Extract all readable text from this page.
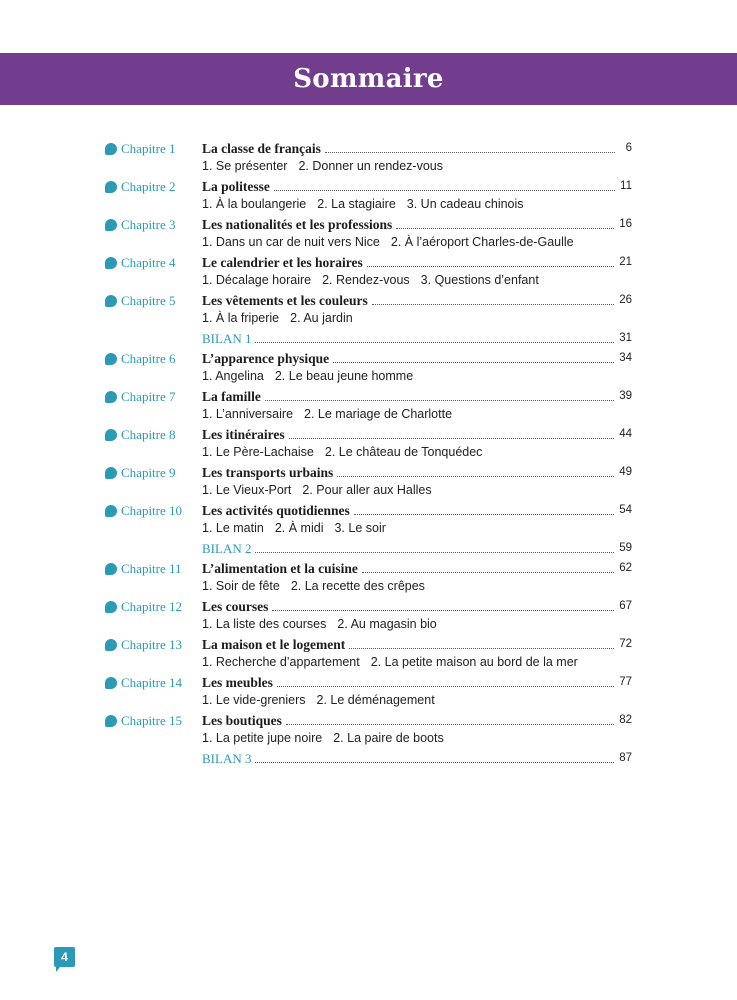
Sommaire
Chapitre 1 La classe de français	6
1. Se présenter 2. Donner un rendez-vous
Chapitre 2 La politesse	11
1. À la boulangerie 2. La stagiaire 3. Un cadeau chinois
Chapitre 3 Les nationalités et les professions	16
1. Dans un car de nuit vers Nice 2. À l’aéroport Charles-de-Gaulle
Chapitre 4 Le calendrier et les horaires	21
1. Décalage horaire 2. Rendez-vous 3. Questions d’enfant
Chapitre 5 Les vêtements et les couleurs	26
1. À la friperie 2. Au jardin
BILAN 1	31
Chapitre 6 L’apparence physique	34
1. Angelina 2. Le beau jeune homme
Chapitre 7 La famille	39
1. L’anniversaire 2. Le mariage de Charlotte
Chapitre 8 Les itinéraires	44
1. Le Père-Lachaise 2. Le château de Tonquédec
Chapitre 9 Les transports urbains	49
1. Le Vieux-Port 2. Pour aller aux Halles
Chapitre 10 Les activités quotidiennes	54
1. Le matin 2. À midi 3. Le soir
BILAN 2	59
Chapitre 11 L’alimentation et la cuisine	62
1. Soir de fête 2. La recette des crêpes
Chapitre 12 Les courses	67
1. La liste des courses 2. Au magasin bio
Chapitre 13 La maison et le logement	72
1. Recherche d’appartement 2. La petite maison au bord de la mer
Chapitre 14 Les meubles	77
1. Le vide-greniers 2. Le déménagement
Chapitre 15 Les boutiques	82
1. La petite jupe noire 2. La paire de boots
BILAN 3	87
4
